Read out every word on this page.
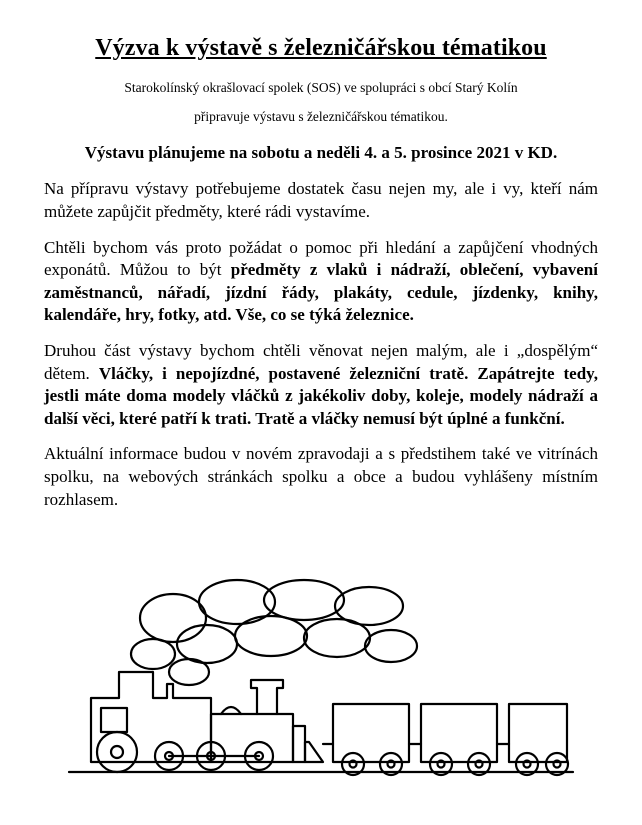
Výzva k výstavě s železničářskou tématikou
Starokolínský okrašlovací spolek (SOS) ve spolupráci s obcí Starý Kolín
připravuje výstavu s železničářskou tématikou.
Výstavu plánujeme na sobotu a neděli 4. a 5. prosince 2021 v KD.

Na přípravu výstavy potřebujeme dostatek času nejen my, ale i vy, kteří nám můžete zapůjčit předměty, které rádi vystavíme.

Chtěli bychom vás proto požádat o pomoc při hledání a zapůjčení vhodných exponátů. Můžou to být předměty z vlaků i nádraží, oblečení, vybavení zaměstnanců, nářadí, jízdní řády, plakáty, cedule, jízdenky, knihy, kalendáře, hry, fotky, atd. Vše, co se týká železnice.

Druhou část výstavy bychom chtěli věnovat nejen malým, ale i „dospělým“ dětem. Vláčky, i nepojízdné, postavené železniční tratě. Zapátrejte tedy, jestli máte doma modely vláčků z jakékoliv doby, koleje, modely nádraží a další věci, které patří k trati. Tratě a vláčky nemusí být úplné a funkční.

Aktuální informace budou v novém zpravodaji a s předstihem také ve vitrínách spolku, na webových stránkách spolku a obce a budou vyhlášeny místním rozhlasem.
